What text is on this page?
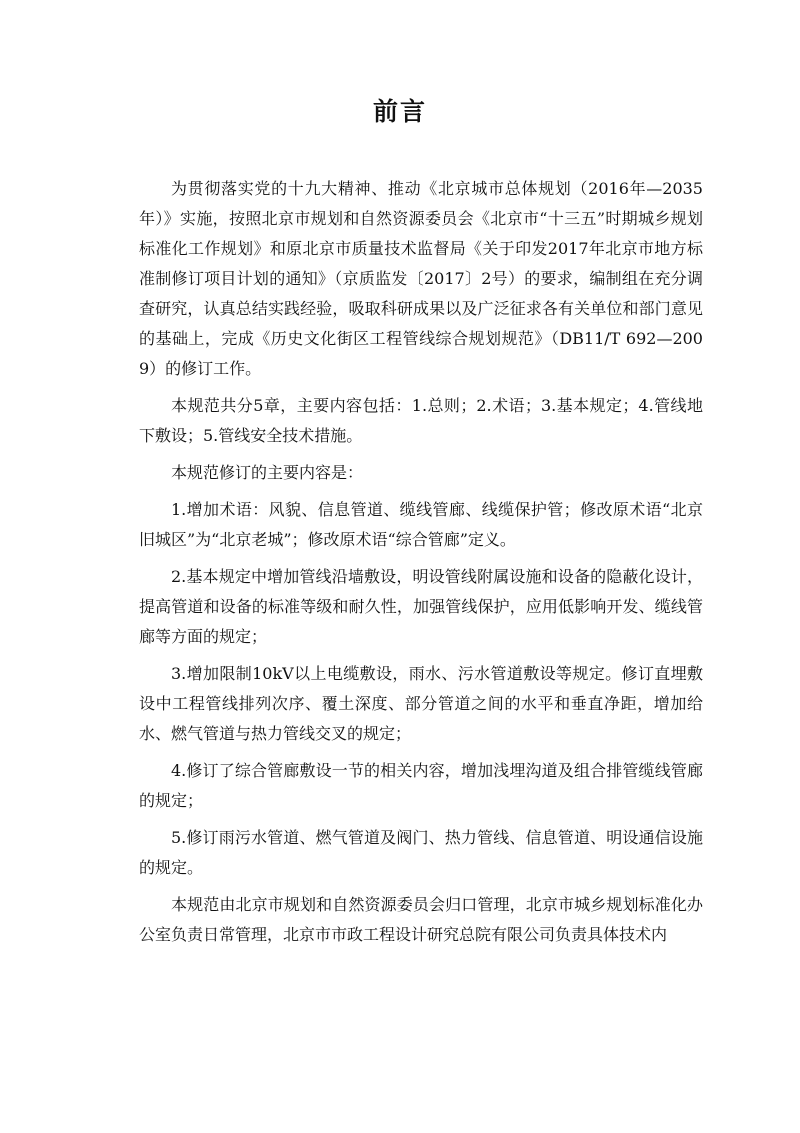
前言

为贯彻落实党的十九大精神、推动《北京城市总体规划（2016年—2035年）》实施，按照北京市规划和自然资源委员会《北京市“十三五”时期城乡规划标准化工作规划》和原北京市质量技术监督局《关于印发2017年北京市地方标准制修订项目计划的通知》（京质监发〔2017〕2号）的要求，编制组在充分调查研究，认真总结实践经验，吸取科研成果以及广泛征求各有关单位和部门意见的基础上，完成《历史文化街区工程管线综合规划规范》（DB11/T 692—2009）的修订工作。

本规范共分5章，主要内容包括：1.总则；2.术语；3.基本规定；4.管线地下敷设；5.管线安全技术措施。

本规范修订的主要内容是：

1.增加术语：风貌、信息管道、缆线管廊、线缆保护管；修改原术语“北京旧城区”为“北京老城”；修改原术语“综合管廊”定义。

2.基本规定中增加管线沿墙敷设，明设管线附属设施和设备的隐蔽化设计，提高管道和设备的标准等级和耐久性，加强管线保护，应用低影响开发、缆线管廊等方面的规定；

3.增加限制10kV以上电缆敷设，雨水、污水管道敷设等规定。修订直埋敷设中工程管线排列次序、覆土深度、部分管道之间的水平和垂直净距，增加给水、燃气管道与热力管线交叉的规定；

4.修订了综合管廊敷设一节的相关内容，增加浅埋沟道及组合排管缆线管廊的规定；

5.修订雨污水管道、燃气管道及阀门、热力管线、信息管道、明设通信设施的规定。

本规范由北京市规划和自然资源委员会归口管理，北京市城乡规划标准化办公室负责日常管理，北京市市政工程设计研究总院有限公司负责具体技术内
